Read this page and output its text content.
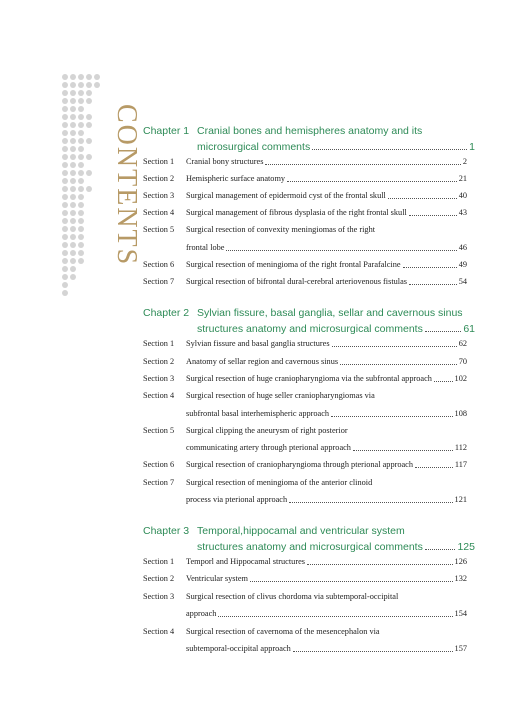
CONTENTS Chapter 1 Cranial bones and hemispheres anatomy and its
microsurgical comments	1
Section 1	Cranial bony structures	2
Section 2	Hemispheric surface anatomy	21
Section 3	Surgical management of epidermoid cyst of the frontal skull	40
Section 4	Surgical management of fibrous dysplasia of the right frontal skull	43
Section 5	Surgical resection of convexity meningiomas of the right
frontal lobe	46
Section 6	Surgical resection of meningioma of the right frontal Parafalcine	49
Section 7	Surgical resection of bifrontal dural-cerebral arteriovenous fistulas	54
Chapter 2 Sylvian fissure, basal ganglia, sellar and cavernous sinus
structures anatomy and microsurgical comments	61
Section 1	Sylvian fissure and basal ganglia structures	62
Section 2	Anatomy of sellar region and cavernous sinus	70
Section 3	Surgical resection of huge craniopharyngioma via the subfrontal approach	102
Section 4	Surgical resection of huge seller craniopharyngiomas via
subfrontal basal interhemispheric approach	108
Section 5	Surgical clipping the aneurysm of right posterior
communicating artery through pterional approach	112
Section 6	Surgical resection of craniopharyngioma through pterional approach	117
Section 7	Surgical resection of meningioma of the anterior clinoid
process via pterional approach	121
Chapter 3 Temporal,hippocamal and ventricular system
structures anatomy and microsurgical comments	125
Section 1	Temporl and Hippocamal structures	126
Section 2	Ventricular system	132
Section 3	Surgical resection of clivus chordoma via subtemporal-occipital
approach	154
Section 4	Surgical resection of cavernoma of the mesencephalon via
subtemporal-occipital approach	157
